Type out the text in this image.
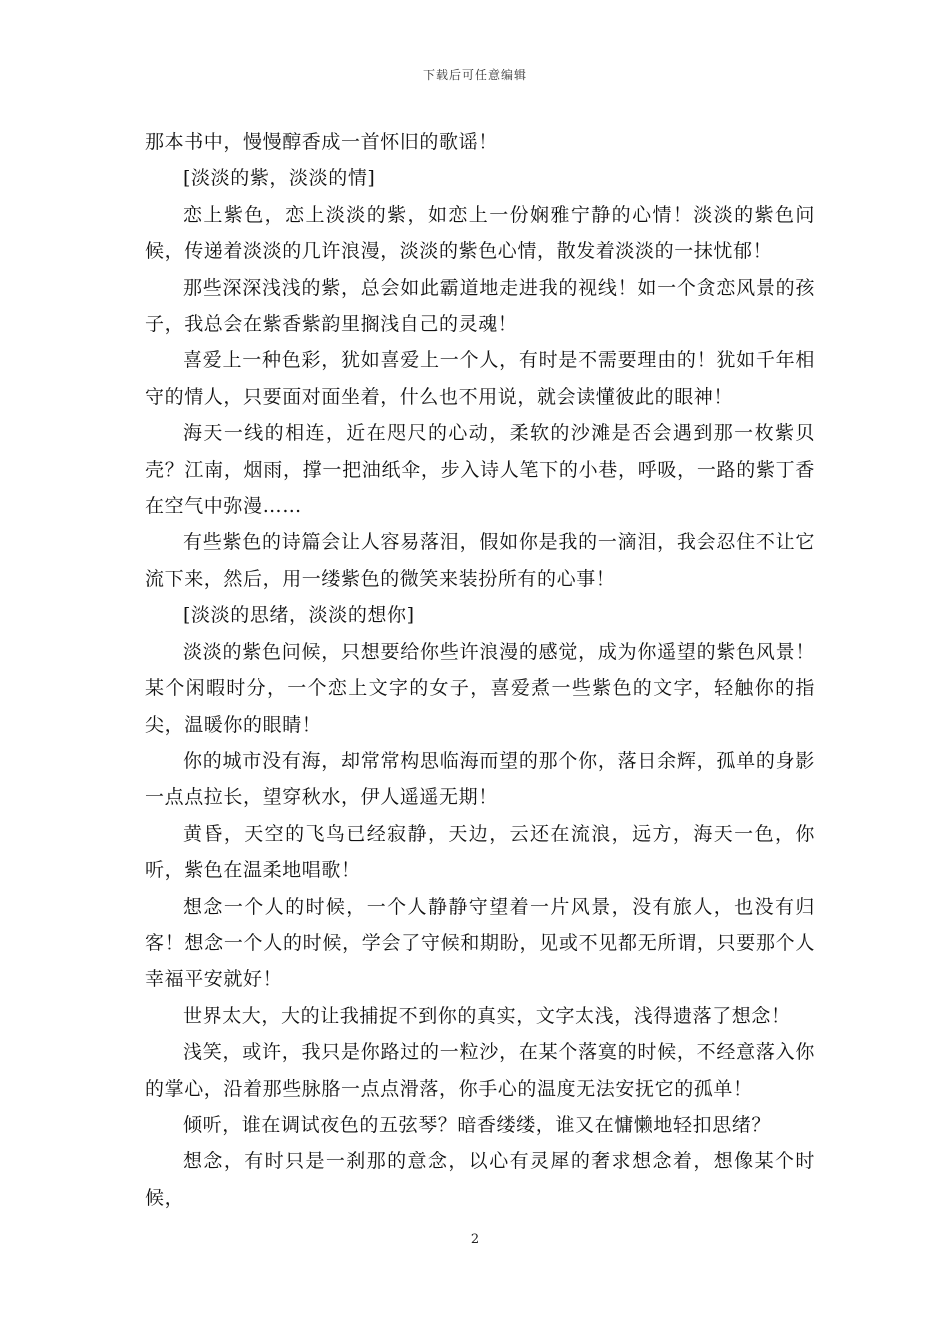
下载后可任意编辑

那本书中，慢慢醇香成一首怀旧的歌谣！

[淡淡的紫，淡淡的情]

恋上紫色，恋上淡淡的紫，如恋上一份娴雅宁静的心情！淡淡的紫色问候，传递着淡淡的几许浪漫，淡淡的紫色心情，散发着淡淡的一抹忧郁！

那些深深浅浅的紫，总会如此霸道地走进我的视线！如一个贪恋风景的孩子，我总会在紫香紫韵里搁浅自己的灵魂！

喜爱上一种色彩，犹如喜爱上一个人，有时是不需要理由的！犹如千年相守的情人，只要面对面坐着，什么也不用说，就会读懂彼此的眼神！

海天一线的相连，近在咫尺的心动，柔软的沙滩是否会遇到那一枚紫贝壳？江南，烟雨，撑一把油纸伞，步入诗人笔下的小巷，呼吸，一路的紫丁香在空气中弥漫……

有些紫色的诗篇会让人容易落泪，假如你是我的一滴泪，我会忍住不让它流下来，然后，用一缕紫色的微笑来装扮所有的心事！

[淡淡的思绪，淡淡的想你]

淡淡的紫色问候，只想要给你些许浪漫的感觉，成为你遥望的紫色风景！某个闲暇时分，一个恋上文字的女子，喜爱煮一些紫色的文字，轻触你的指尖，温暖你的眼睛！

你的城市没有海，却常常构思临海而望的那个你，落日余辉，孤单的身影一点点拉长，望穿秋水，伊人遥遥无期！

黄昏，天空的飞鸟已经寂静，天边，云还在流浪，远方，海天一色，你听，紫色在温柔地唱歌！

想念一个人的时候，一个人静静守望着一片风景，没有旅人，也没有归客！想念一个人的时候，学会了守候和期盼，见或不见都无所谓，只要那个人幸福平安就好！

世界太大，大的让我捕捉不到你的真实，文字太浅，浅得遗落了想念！

浅笑，或许，我只是你路过的一粒沙，在某个落寞的时候，不经意落入你的掌心，沿着那些脉胳一点点滑落，你手心的温度无法安抚它的孤单！

倾听，谁在调试夜色的五弦琴？暗香缕缕，谁又在慵懒地轻扣思绪？

想念，有时只是一刹那的意念，以心有灵犀的奢求想念着，想像某个时候，

2
